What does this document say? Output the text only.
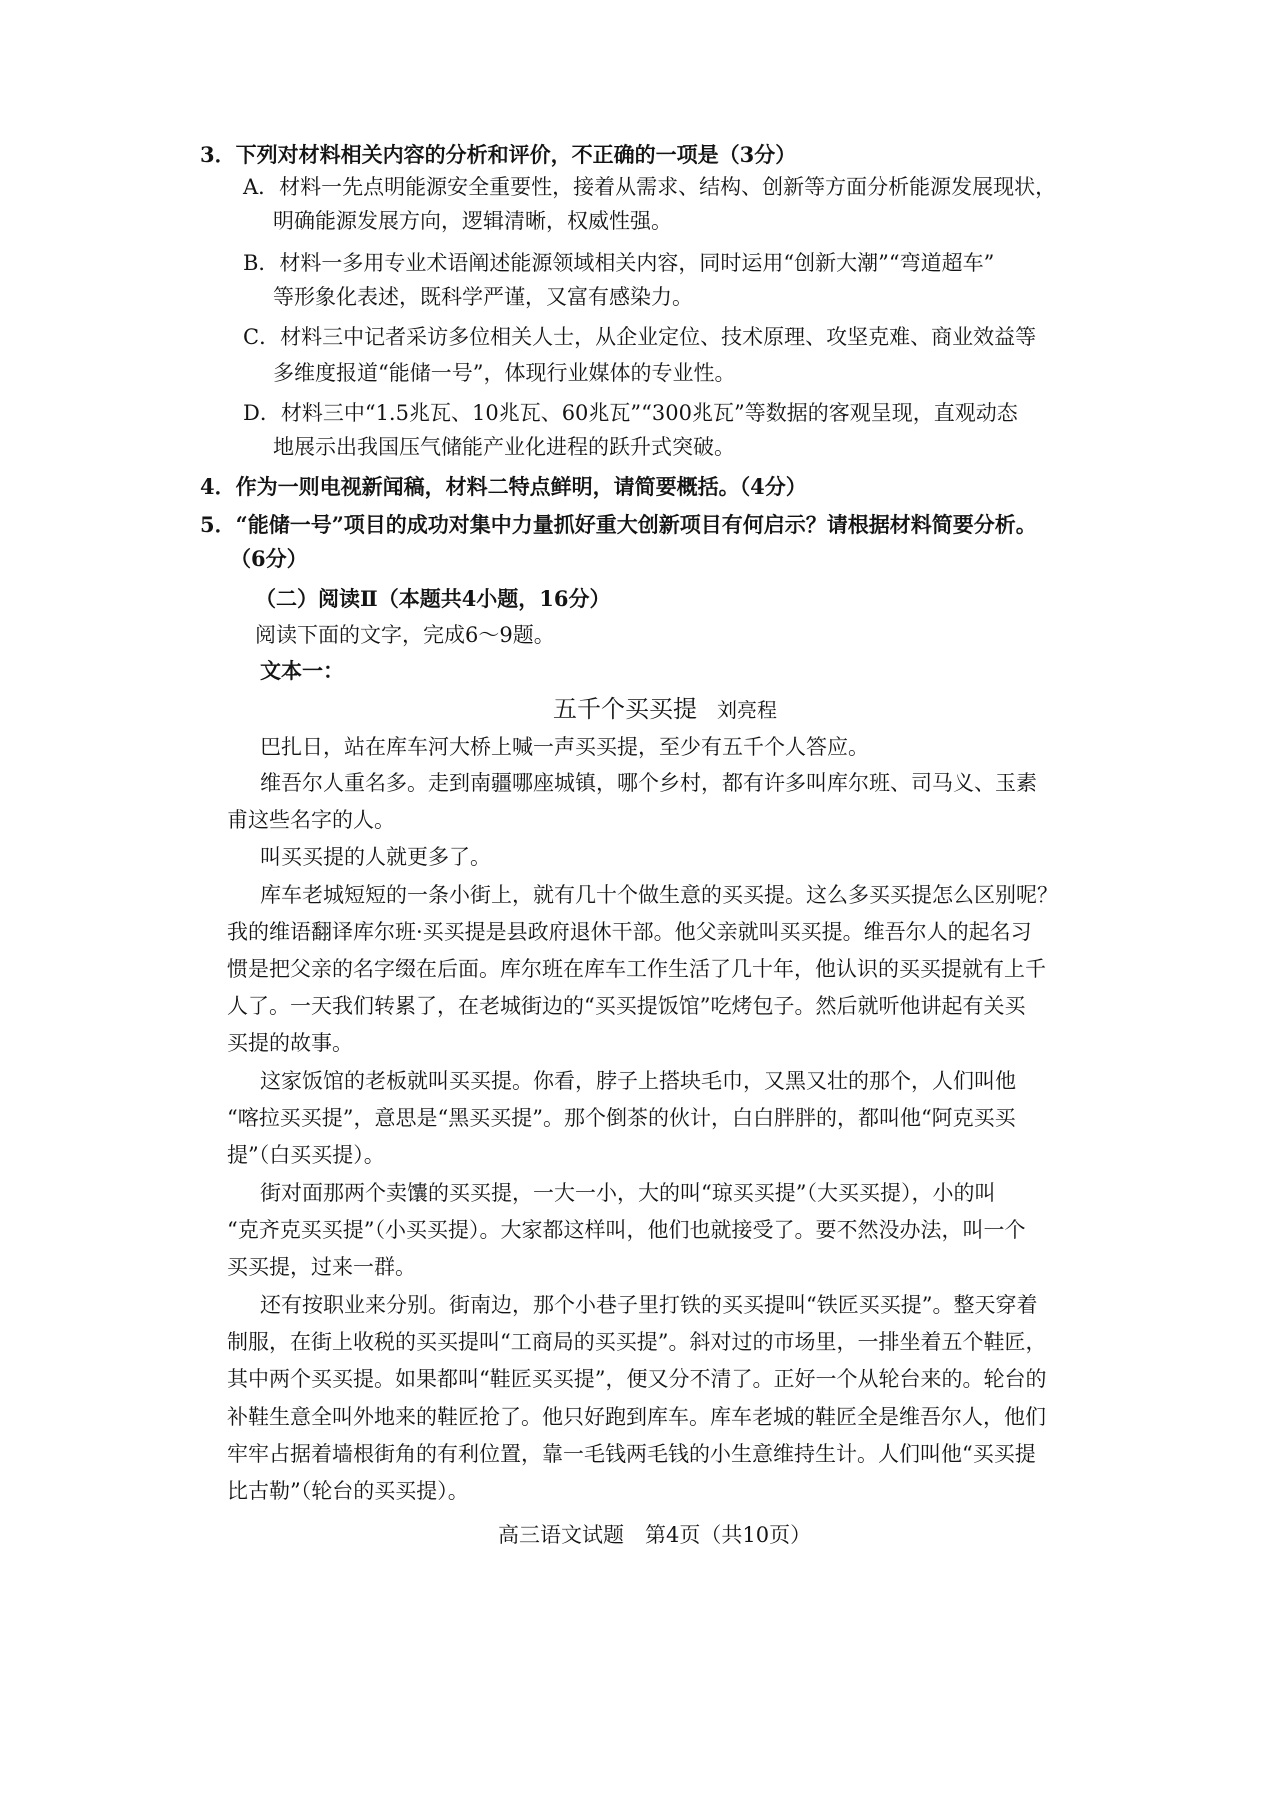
3．下列对材料相关内容的分析和评价，不正确的一项是（3分）
A．材料一先点明能源安全重要性，接着从需求、结构、创新等方面分析能源发展现状，
明确能源发展方向，逻辑清晰，权威性强。
B．材料一多用专业术语阐述能源领域相关内容，同时运用“创新大潮”“弯道超车”
等形象化表述，既科学严谨，又富有感染力。
C．材料三中记者采访多位相关人士，从企业定位、技术原理、攻坚克难、商业效益等
多维度报道“能储一号”，体现行业媒体的专业性。
D．材料三中“1.5兆瓦、10兆瓦、60兆瓦”“300兆瓦”等数据的客观呈现，直观动态
地展示出我国压气储能产业化进程的跃升式突破。
4．作为一则电视新闻稿，材料二特点鲜明，请简要概括。（4分）
5．“能储一号”项目的成功对集中力量抓好重大创新项目有何启示？请根据材料简要分析。
（6分）
（二）阅读Ⅱ（本题共4小题，16分）
阅读下面的文字，完成6～9题。
文本一：
五千个买买提 刘亮程
巴扎日，站在库车河大桥上喊一声买买提，至少有五千个人答应。
维吾尔人重名多。走到南疆哪座城镇，哪个乡村，都有许多叫库尔班、司马义、玉素
甫这些名字的人。
叫买买提的人就更多了。
库车老城短短的一条小街上，就有几十个做生意的买买提。这么多买买提怎么区别呢？
我的维语翻译库尔班·买买提是县政府退休干部。他父亲就叫买买提。维吾尔人的起名习
惯是把父亲的名字缀在后面。库尔班在库车工作生活了几十年，他认识的买买提就有上千
人了。一天我们转累了，在老城街边的“买买提饭馆”吃烤包子。然后就听他讲起有关买
买提的故事。
这家饭馆的老板就叫买买提。你看，脖子上搭块毛巾，又黑又壮的那个，人们叫他
“喀拉买买提”，意思是“黑买买提”。那个倒茶的伙计，白白胖胖的，都叫他“阿克买买
提”（白买买提）。
街对面那两个卖馕的买买提，一大一小，大的叫“琼买买提”（大买买提），小的叫
“克齐克买买提”（小买买提）。大家都这样叫，他们也就接受了。要不然没办法，叫一个
买买提，过来一群。
还有按职业来分别。街南边，那个小巷子里打铁的买买提叫“铁匠买买提”。整天穿着
制服，在街上收税的买买提叫“工商局的买买提”。斜对过的市场里，一排坐着五个鞋匠，
其中两个买买提。如果都叫“鞋匠买买提”，便又分不清了。正好一个从轮台来的。轮台的
补鞋生意全叫外地来的鞋匠抢了。他只好跑到库车。库车老城的鞋匠全是维吾尔人，他们
牢牢占据着墙根街角的有利位置，靠一毛钱两毛钱的小生意维持生计。人们叫他“买买提
比古勒”（轮台的买买提）。
高三语文试题　第4页（共10页）
